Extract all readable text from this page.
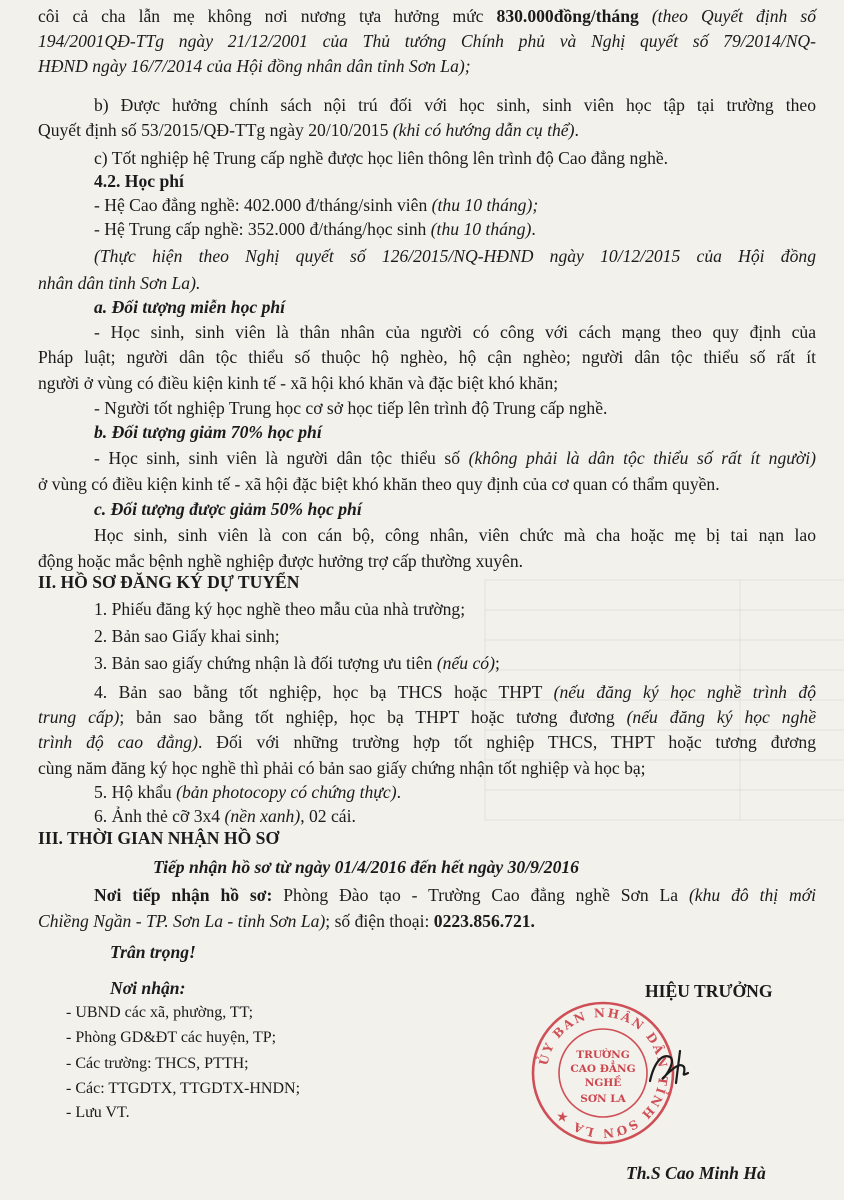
côi cả cha lẫn mẹ không nơi nương tựa hưởng mức 830.000đồng/tháng (theo Quyết định số
194/2001QĐ-TTg ngày 21/12/2001 của Thủ tướng Chính phủ và Nghị quyết số 79/2014/NQ-
HĐND ngày 16/7/2014 của Hội đồng nhân dân tỉnh Sơn La);
b) Được hưởng chính sách nội trú đối với học sinh, sinh viên học tập tại trường theo
Quyết định số 53/2015/QĐ-TTg ngày 20/10/2015 (khi có hướng dẫn cụ thể).
c) Tốt nghiệp hệ Trung cấp nghề được học liên thông lên trình độ Cao đẳng nghề.
4.2. Học phí
- Hệ Cao đẳng nghề: 402.000 đ/tháng/sinh viên (thu 10 tháng);
- Hệ Trung cấp nghề: 352.000 đ/tháng/học sinh (thu 10 tháng).
(Thực hiện theo Nghị quyết số 126/2015/NQ-HĐND ngày 10/12/2015 của Hội đồng
nhân dân tỉnh Sơn La).
a. Đối tượng miễn học phí
- Học sinh, sinh viên là thân nhân của người có công với cách mạng theo quy định của
Pháp luật; người dân tộc thiểu số thuộc hộ nghèo, hộ cận nghèo; người dân tộc thiểu số rất ít
người ở vùng có điều kiện kinh tế - xã hội khó khăn và đặc biệt khó khăn;
- Người tốt nghiệp Trung học cơ sở học tiếp lên trình độ Trung cấp nghề.
b. Đối tượng giảm 70% học phí
- Học sinh, sinh viên là người dân tộc thiểu số (không phải là dân tộc thiểu số rất ít người)
ở vùng có điều kiện kinh tế - xã hội đặc biệt khó khăn theo quy định của cơ quan có thẩm quyền.
c. Đối tượng được giảm 50% học phí
Học sinh, sinh viên là con cán bộ, công nhân, viên chức mà cha hoặc mẹ bị tai nạn lao
động hoặc mắc bệnh nghề nghiệp được hưởng trợ cấp thường xuyên.
II. HỒ SƠ ĐĂNG KÝ DỰ TUYỂN
1. Phiếu đăng ký học nghề theo mẫu của nhà trường;
2. Bản sao Giấy khai sinh;
3. Bản sao giấy chứng nhận là đối tượng ưu tiên (nếu có);
4. Bản sao bằng tốt nghiệp, học bạ THCS hoặc THPT (nếu đăng ký học nghề trình độ
trung cấp); bản sao bằng tốt nghiệp, học bạ THPT hoặc tương đương (nếu đăng ký học nghề
trình độ cao đẳng). Đối với những trường hợp tốt nghiệp THCS, THPT hoặc tương đương
cùng năm đăng ký học nghề thì phải có bản sao giấy chứng nhận tốt nghiệp và học bạ;
5. Hộ khẩu (bản photocopy có chứng thực).
6. Ảnh thẻ cỡ 3x4 (nền xanh), 02 cái.
III. THỜI GIAN NHẬN HỒ SƠ
Tiếp nhận hồ sơ từ ngày 01/4/2016 đến hết ngày 30/9/2016
Nơi tiếp nhận hồ sơ: Phòng Đào tạo - Trường Cao đẳng nghề Sơn La (khu đô thị mới
Chiềng Ngần - TP. Sơn La - tỉnh Sơn La); số điện thoại: 0223.856.721.
Trân trọng!
Nơi nhận:
- UBND các xã, phường, TT;
- Phòng GD&ĐT các huyện, TP;
- Các trường: THCS, PTTH;
- Các: TTGDTX, TTGDTX-HNDN;
- Lưu VT.
HIỆU TRƯỞNG
ỦY BAN NHÂN DÂN TỈNH SƠN LA ★
TRƯỜNG
CAO ĐẲNG
NGHỀ
SƠN LA
Th.S Cao Minh Hà
